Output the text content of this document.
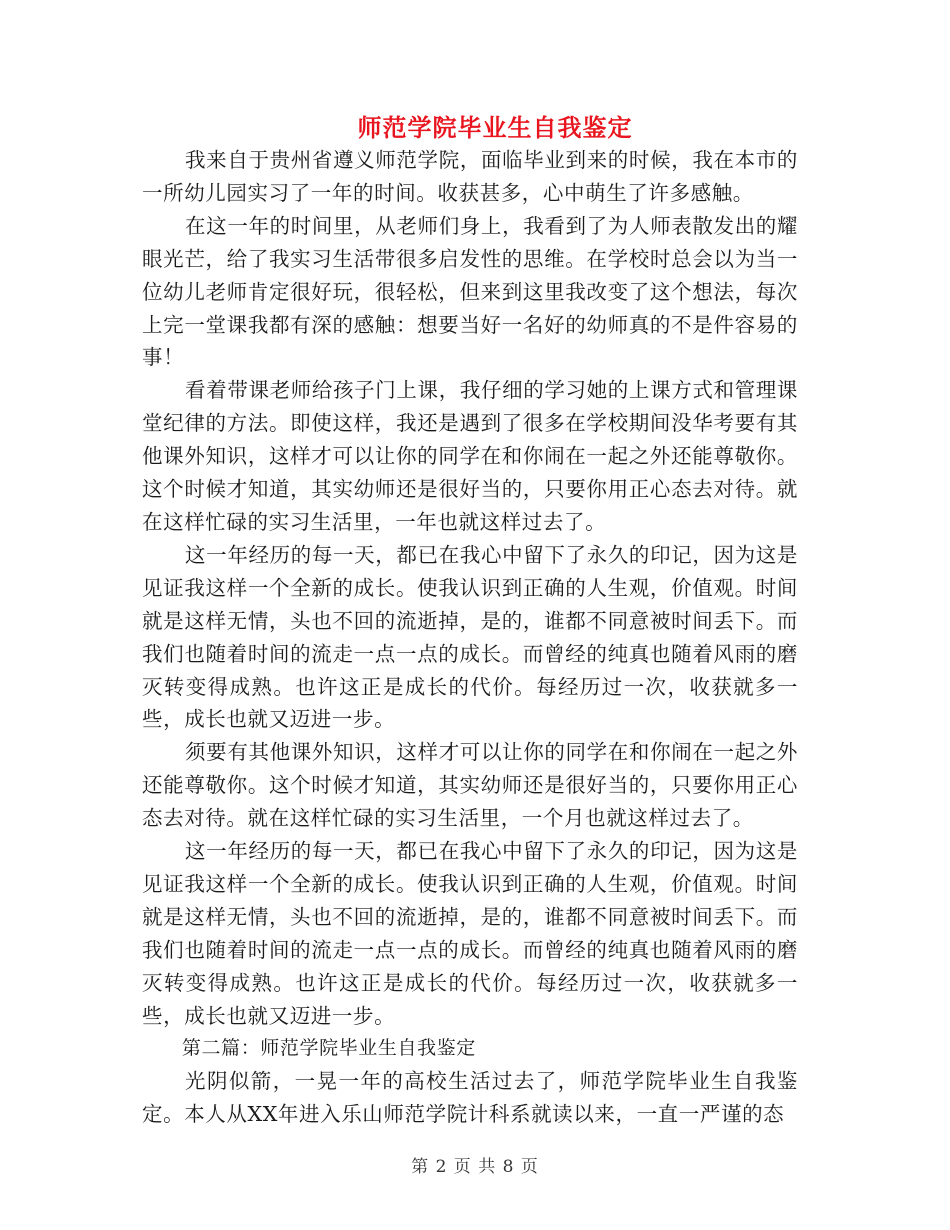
师范学院毕业生自我鉴定

我来自于贵州省遵义师范学院，面临毕业到来的时候，我在本市的一所幼儿园实习了一年的时间。收获甚多，心中萌生了许多感触。

在这一年的时间里，从老师们身上，我看到了为人师表散发出的耀眼光芒，给了我实习生活带很多启发性的思维。在学校时总会以为当一位幼儿老师肯定很好玩，很轻松，但来到这里我改变了这个想法，每次上完一堂课我都有深的感触：想要当好一名好的幼师真的不是件容易的事！

看着带课老师给孩子门上课，我仔细的学习她的上课方式和管理课堂纪律的方法。即使这样，我还是遇到了很多在学校期间没华考要有其他课外知识，这样才可以让你的同学在和你闹在一起之外还能尊敬你。这个时候才知道，其实幼师还是很好当的，只要你用正心态去对待。就在这样忙碌的实习生活里，一年也就这样过去了。

这一年经历的每一天，都已在我心中留下了永久的印记，因为这是见证我这样一个全新的成长。使我认识到正确的人生观，价值观。时间就是这样无情，头也不回的流逝掉，是的，谁都不同意被时间丢下。而我们也随着时间的流走一点一点的成长。而曾经的纯真也随着风雨的磨灭转变得成熟。也许这正是成长的代价。每经历过一次，收获就多一些，成长也就又迈进一步。

须要有其他课外知识，这样才可以让你的同学在和你闹在一起之外还能尊敬你。这个时候才知道，其实幼师还是很好当的，只要你用正心态去对待。就在这样忙碌的实习生活里，一个月也就这样过去了。

这一年经历的每一天，都已在我心中留下了永久的印记，因为这是见证我这样一个全新的成长。使我认识到正确的人生观，价值观。时间就是这样无情，头也不回的流逝掉，是的，谁都不同意被时间丢下。而我们也随着时间的流走一点一点的成长。而曾经的纯真也随着风雨的磨灭转变得成熟。也许这正是成长的代价。每经历过一次，收获就多一些，成长也就又迈进一步。

第二篇：师范学院毕业生自我鉴定

光阴似箭，一晃一年的高校生活过去了，师范学院毕业生自我鉴定。本人从XX年进入乐山师范学院计科系就读以来，一直一严谨的态

第 2 页 共 8 页
